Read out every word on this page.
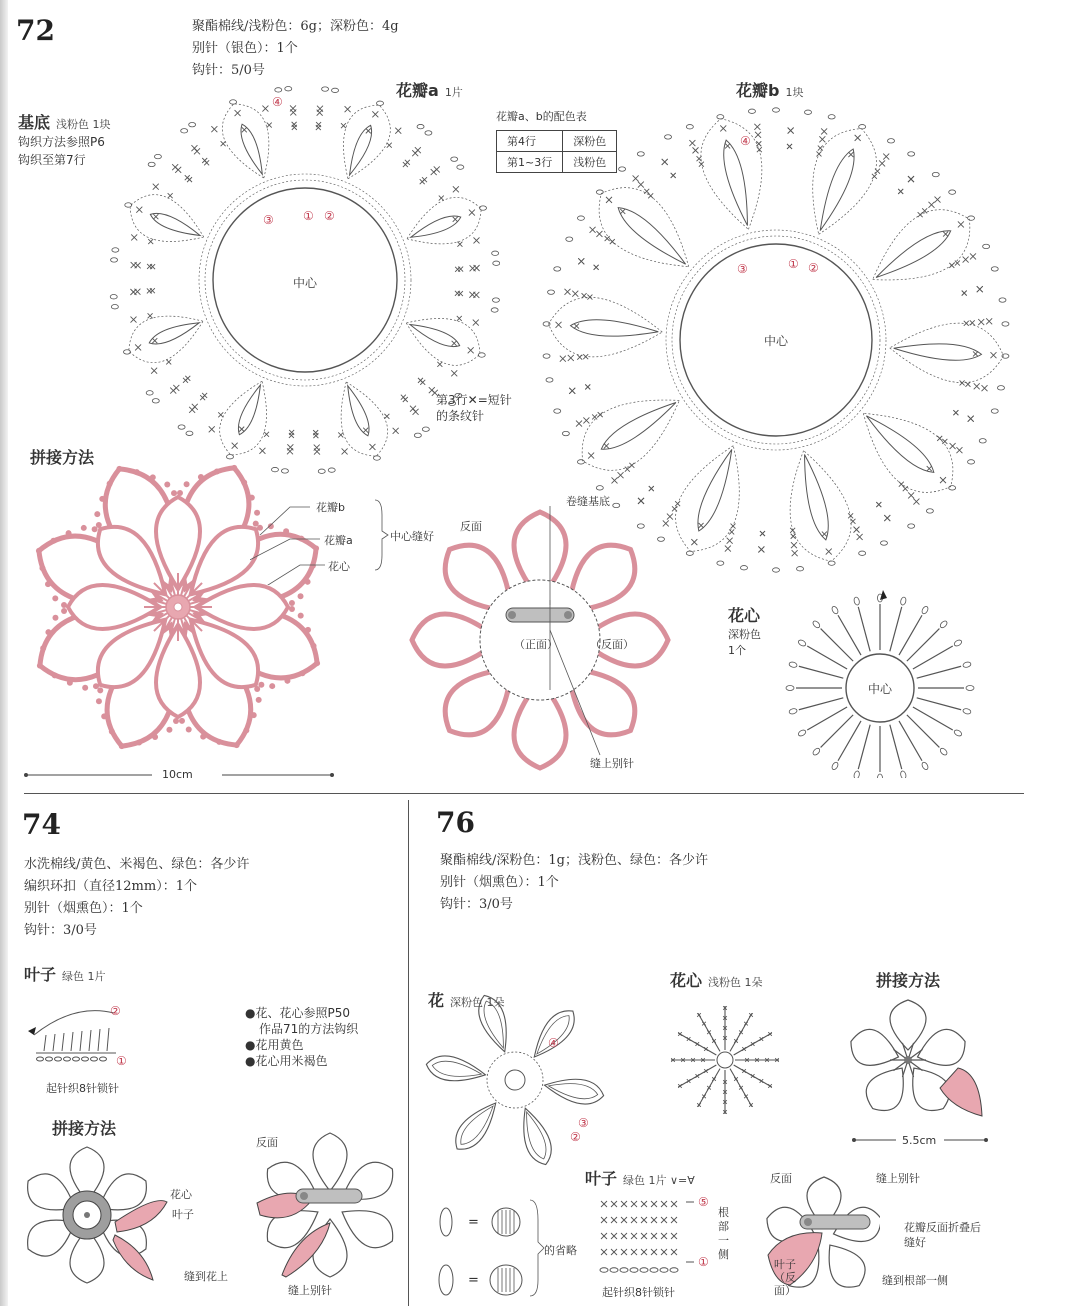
72	聚酯棉线/浅粉色：6g；深粉色：4g
别针（银色）：1个
钩针：5/0号
基底 浅粉色 1块
钩织方法参照P6
钩织至第7行
花瓣a 1片	花瓣b 1块
花瓣a、b的配色表
第4行	深粉色
第1~3行	浅粉色
中心
③ ① ②
④
第3行✕=短针
的条纹针
中心
③	① ②
④
拼接方法
花瓣b
花瓣a
花心
中心缝好
10cm
反面
卷缝基底
（正面）	（反面）
缝上别针
花心
深粉色
1个
中心
74
水洗棉线/黄色、米褐色、绿色：各少许
编织环扣（直径12mm）：1个
别针（烟熏色）：1个
钩针：3/0号
叶子 绿色 1片
②
①
起针织8针锁针
●花、花心参照P50
作品71的方法钩织
●花用黄色
●花心用米褐色
拼接方法
花心
叶子
缝到花上
反面
缝上别针
76
聚酯棉线/深粉色：1g；浅粉色、绿色：各少许
别针（烟熏色）：1个
钩针：3/0号
花 深粉色 1朵
④
③
②
花心 浅粉色 1朵	拼接方法
5.5cm
叶子 绿色 1片 ∨=∀
=
=
的省略
⑤
①
根部一侧
起针织8针锁针
反面	缝上别针
花瓣反面折叠后缝好
叶子（反面）
缝到根部一侧
